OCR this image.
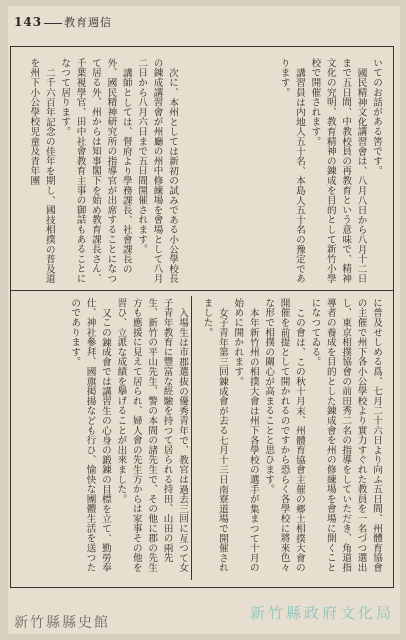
143 教育週信

いてのお話がある筈です。

國民精神文化講習會は、八月八日から八月十二日まで五日間、中教校員の再教育という意味で、精神文化の究明、教育精神の錬成を目的として新竹小學校で開催されます。

講習員は内地人五十名、本島人五十名の豫定であります。

次に、本州としては新初の試みである小公學校長の錬成講習會が州廳の州中修練場を會場として八月二日から八月六日まで五日間開催されます。

講師としては、督府より學務課長、社會課長の外、國民精神研究所の指導官が出席することになつて居る外、州からは知事閣下を始め教育課長さん、千葉視學官、田中社會教育主事の御話もあることになつて居ります。

二千六百年記念の佳年を期し、國技相撲の普及道を州下小公學校児童及青年團

に普及せしめる爲、七月二十六日より向ふ五日間、州體育協會の主催で州下各小公學校より實力すぐれた教員を一名づつ選出し、東京相撲協會の前田秀二名の指導をしていただき、角道指導者の養成を目的とした錬成會を州の修練場を會場に開くことになつてゐる。

この會は、この秋十月末、州體育協會主催の郷土相撲大會の開催を前提として開かれるのですから恐らく各學校に將來色々な形で相撲の關心が高まることと思ひます。

本年新竹州の相撲大會は州下各學校の選手が集まつて十月の始めに開かれます。

女子青年第三回錬成會が去る七月十三日南寮道場で開催されました。

入場生は市郡選抜の優秀青年で、教官は過去三回に亙つて女子青年教育に豐富な經驗を持つて居られる持田、山田の兩先生、新竹の平山先生、警の本間の諸先生で、その他に郡の先生方も應援に見えて居られ、婦人會の先生方からは家事その他を習ひ、立派な成績を擧げることが出來ました。

又この錬成會では講習生の心身の鍛錬の目標を立て、勤勞奉仕、神社參拜、國旗掲揚なども行ひ、愉快な團體生活を送つたのであります。

新竹縣縣史館
新竹縣政府文化局
